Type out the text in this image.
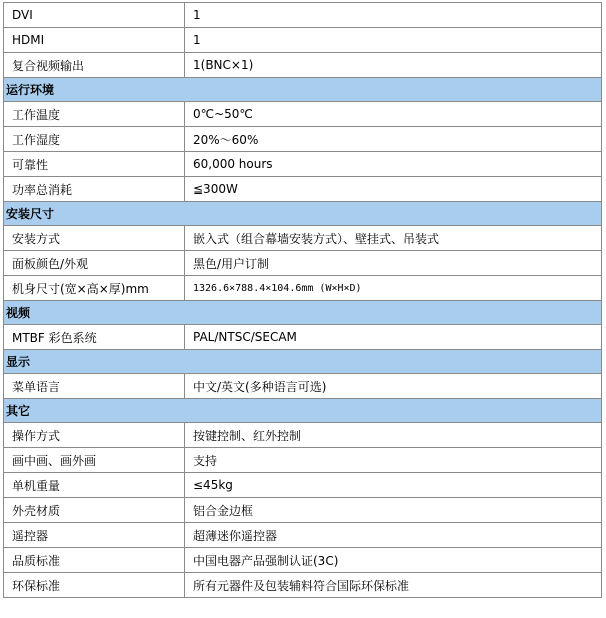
DVI	1
HDMI	1
复合视频输出	1(BNC×1)
运行环境	
工作温度	0℃~50℃
工作湿度	20%～60%
可靠性	60,000 hours
功率总消耗	≦300W
安装尺寸	
安装方式	嵌入式（组合幕墙安装方式）、壁挂式、吊装式
面板颜色/外观	黑色/用户订制
机身尺寸(宽×高×厚)mm	1326.6×788.4×104.6mm (W×H×D)
视频	
MTBF 彩色系统	PAL/NTSC/SECAM
显示	
菜单语言	中文/英文(多种语言可选)
其它	
操作方式	按键控制、红外控制
画中画、画外画	支持
单机重量	≤45kg
外壳材质	铝合金边框
遥控器	超薄迷你遥控器
品质标准	中国电器产品强制认证(3C)
环保标准	所有元器件及包装辅料符合国际环保标准
